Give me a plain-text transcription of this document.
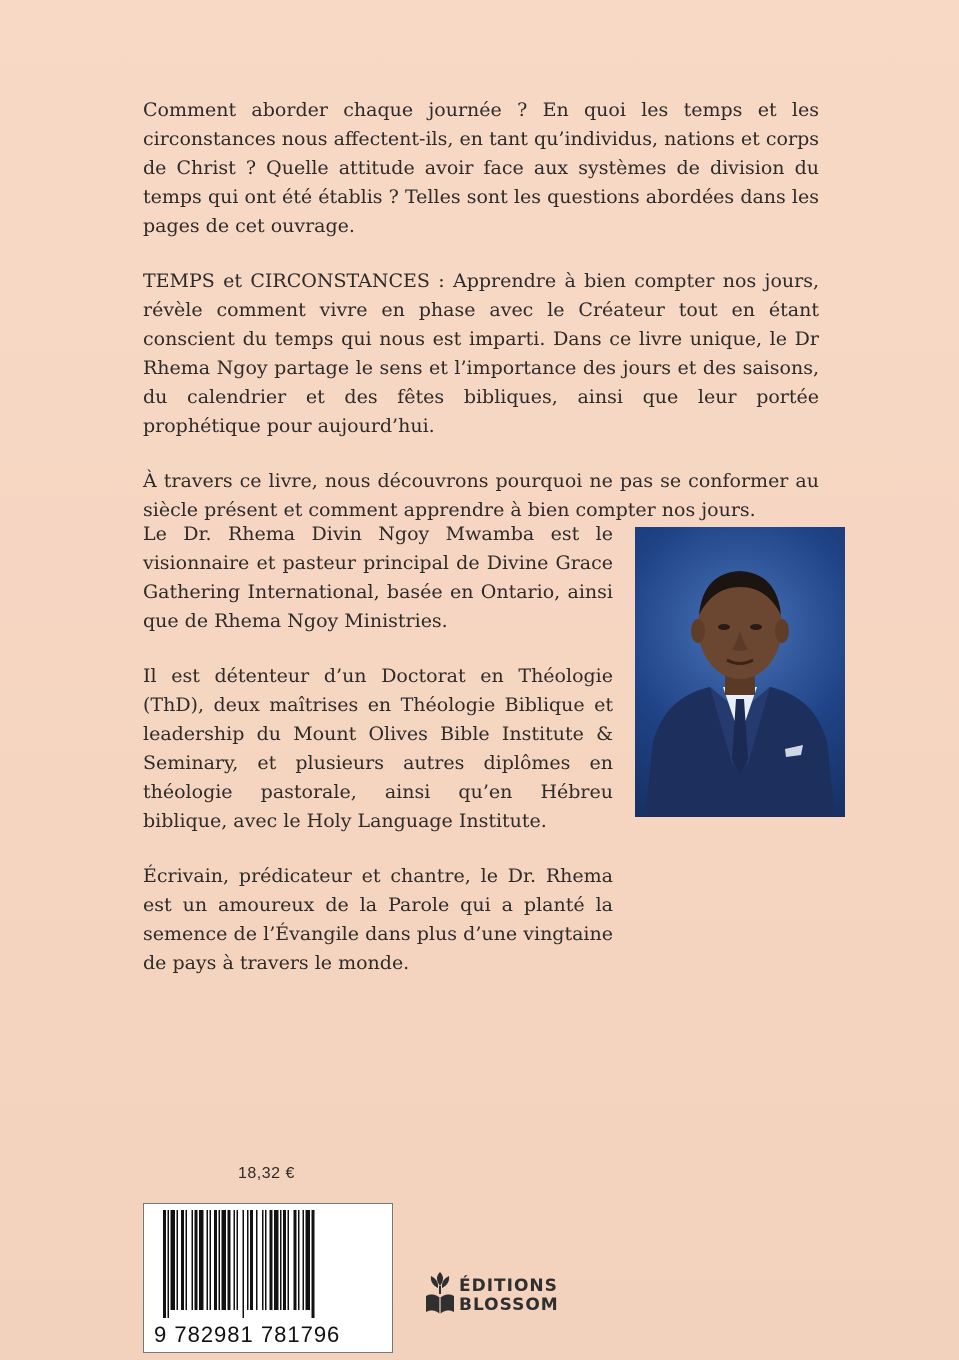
Comment aborder chaque journée ? En quoi les temps et les circonstances nous affectent-ils, en tant qu’individus, nations et corps de Christ ? Quelle attitude avoir face aux systèmes de division du temps qui ont été établis ? Telles sont les questions abordées dans les pages de cet ouvrage.

TEMPS et CIRCONSTANCES : Apprendre à bien compter nos jours, révèle comment vivre en phase avec le Créateur tout en étant conscient du temps qui nous est imparti. Dans ce livre unique, le Dr Rhema Ngoy partage le sens et l’importance des jours et des saisons, du calendrier et des fêtes bibliques, ainsi que leur portée prophétique pour aujourd’hui.

À travers ce livre, nous découvrons pourquoi ne pas se conformer au siècle présent et comment apprendre à bien compter nos jours.

Le Dr. Rhema Divin Ngoy Mwamba est le visionnaire et pasteur principal de Divine Grace Gathering International, basée en Ontario, ainsi que de Rhema Ngoy Ministries.

Il est détenteur d’un Doctorat en Théologie (ThD), deux maîtrises en Théologie Biblique et leadership du Mount Olives Bible Institute & Seminary, et plusieurs autres diplômes en théologie pastorale, ainsi qu’en Hébreu biblique, avec le Holy Language Institute.

Écrivain, prédicateur et chantre, le Dr. Rhema est un amoureux de la Parole qui a planté la semence de l’Évangile dans plus d’une vingtaine de pays à travers le monde.

18,32 €
9 782981 781796
ÉDITIONS
BLOSSOM
